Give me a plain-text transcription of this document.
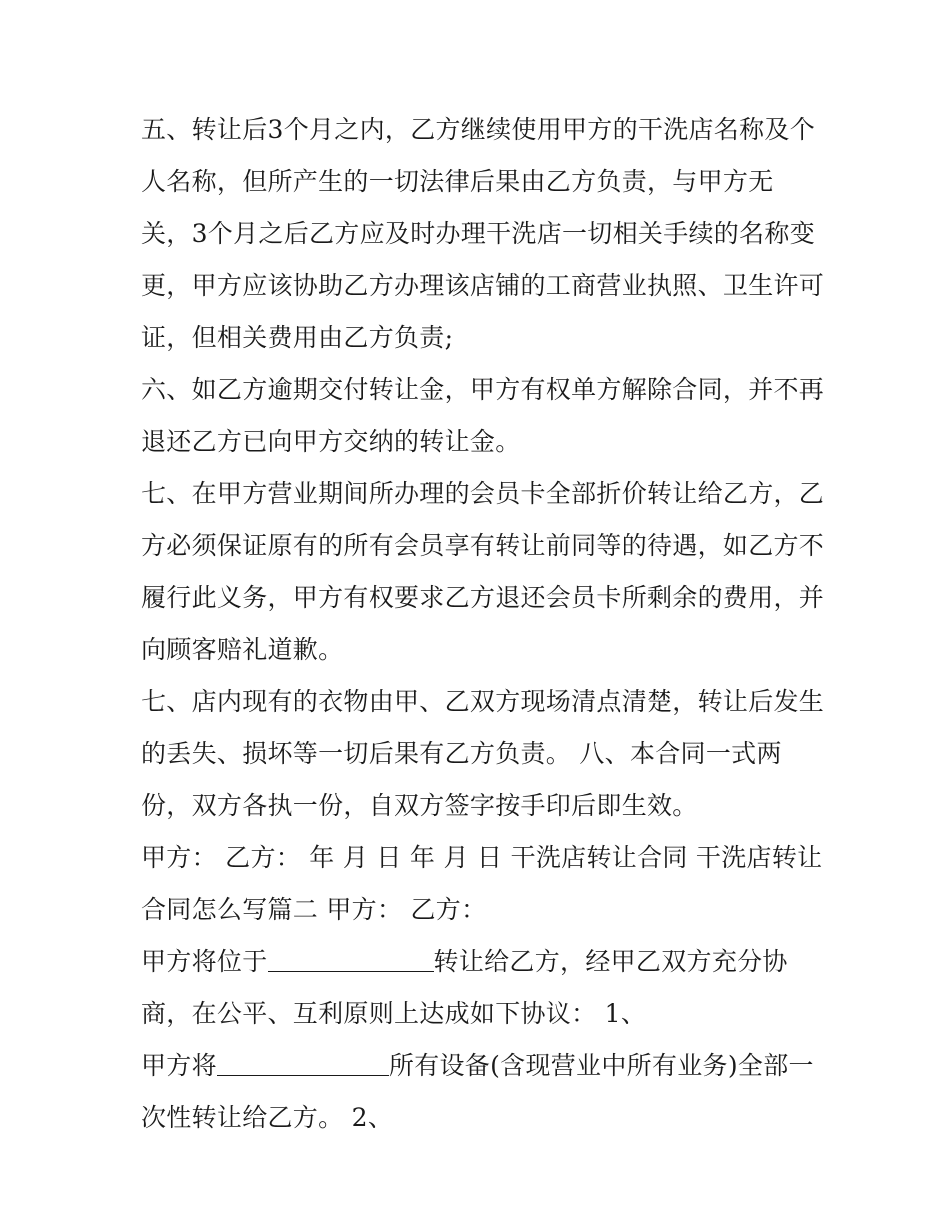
五、转让后3个月之内，乙方继续使用甲方的干洗店名称及个
人名称，但所产生的一切法律后果由乙方负责，与甲方无
关，3个月之后乙方应及时办理干洗店一切相关手续的名称变
更，甲方应该协助乙方办理该店铺的工商营业执照、卫生许可
证，但相关费用由乙方负责;
六、如乙方逾期交付转让金，甲方有权单方解除合同，并不再
退还乙方已向甲方交纳的转让金。
七、在甲方营业期间所办理的会员卡全部折价转让给乙方，乙
方必须保证原有的所有会员享有转让前同等的待遇，如乙方不
履行此义务，甲方有权要求乙方退还会员卡所剩余的费用，并
向顾客赔礼道歉。
七、店内现有的衣物由甲、乙双方现场清点清楚，转让后发生
的丢失、损坏等一切后果有乙方负责。 八、本合同一式两
份，双方各执一份，自双方签字按手印后即生效。
甲方： 乙方： 年 月 日 年 月 日 干洗店转让合同 干洗店转让
合同怎么写篇二 甲方： 乙方：
甲方将位于	转让给乙方，经甲乙双方充分协
商，在公平、互利原则上达成如下协议： 1、
甲方将	所有设备(含现营业中所有业务)全部一
次性转让给乙方。 2、
